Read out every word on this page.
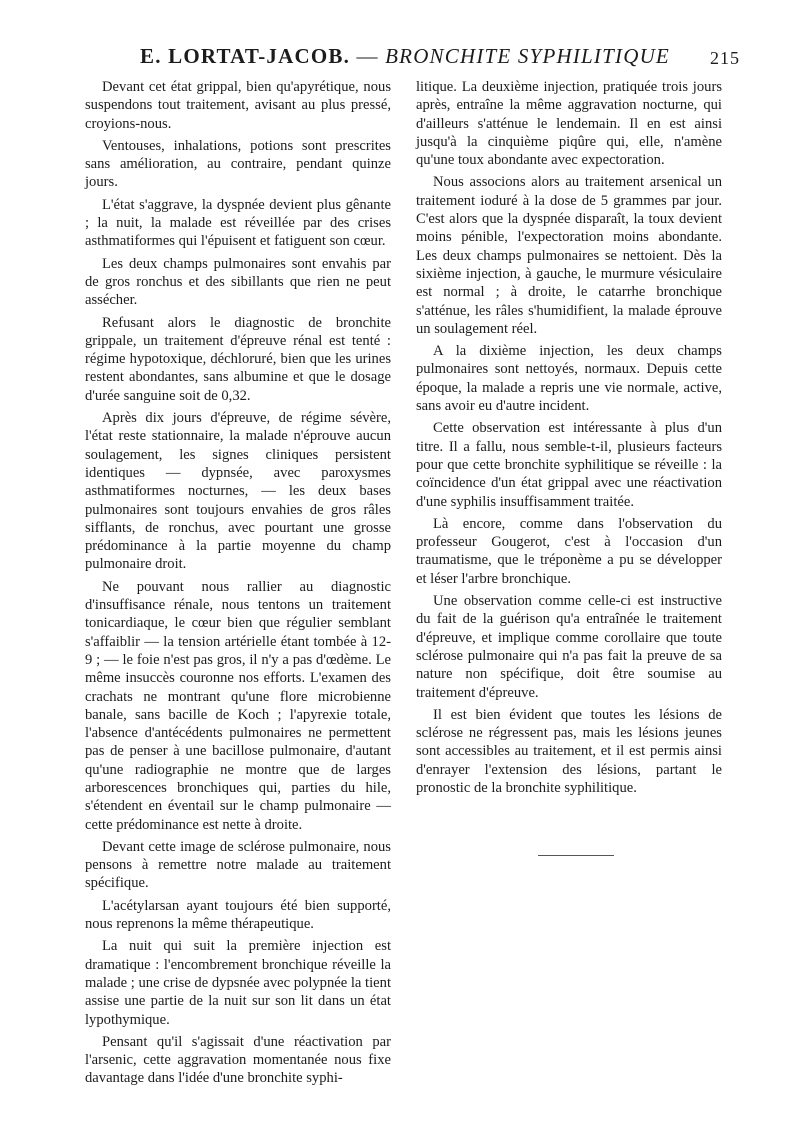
E. LORTAT-JACOB. — BRONCHITE SYPHILITIQUE 215

Devant cet état grippal, bien qu'apyrétique, nous suspendons tout traitement, avisant au plus pressé, croyions-nous.

Ventouses, inhalations, potions sont prescrites sans amélioration, au contraire, pendant quinze jours.

L'état s'aggrave, la dyspnée devient plus gênante ; la nuit, la malade est réveillée par des crises asthmatiformes qui l'épuisent et fatiguent son cœur.

Les deux champs pulmonaires sont envahis par de gros ronchus et des sibillants que rien ne peut assécher.

Refusant alors le diagnostic de bronchite grippale, un traitement d'épreuve rénal est tenté : régime hypotoxique, déchloruré, bien que les urines restent abondantes, sans albumine et que le dosage d'urée sanguine soit de 0,32.

Après dix jours d'épreuve, de régime sévère, l'état reste stationnaire, la malade n'éprouve aucun soulagement, les signes cliniques persistent identiques — dypnsée, avec paroxysmes asthmatiformes nocturnes, — les deux bases pulmonaires sont toujours envahies de gros râles sifflants, de ronchus, avec pourtant une grosse prédominance à la partie moyenne du champ pulmonaire droit.

Ne pouvant nous rallier au diagnostic d'insuffisance rénale, nous tentons un traitement tonicardiaque, le cœur bien que régulier semblant s'affaiblir — la tension artérielle étant tombée à 12-9 ; — le foie n'est pas gros, il n'y a pas d'œdème. Le même insuccès couronne nos efforts. L'examen des crachats ne montrant qu'une flore microbienne banale, sans bacille de Koch ; l'apyrexie totale, l'absence d'antécédents pulmonaires ne permettent pas de penser à une bacillose pulmonaire, d'autant qu'une radiographie ne montre que de larges arborescences bronchiques qui, parties du hile, s'étendent en éventail sur le champ pulmonaire — cette prédominance est nette à droite.

Devant cette image de sclérose pulmonaire, nous pensons à remettre notre malade au traitement spécifique.

L'acétylarsan ayant toujours été bien supporté, nous reprenons la même thérapeutique.

La nuit qui suit la première injection est dramatique : l'encombrement bronchique réveille la malade ; une crise de dypsnée avec polypnée la tient assise une partie de la nuit sur son lit dans un état lypothymique.

Pensant qu'il s'agissait d'une réactivation par l'arsenic, cette aggravation momentanée nous fixe davantage dans l'idée d'une bronchite syphi-

litique. La deuxième injection, pratiquée trois jours après, entraîne la même aggravation nocturne, qui d'ailleurs s'atténue le lendemain. Il en est ainsi jusqu'à la cinquième piqûre qui, elle, n'amène qu'une toux abondante avec expectoration.

Nous associons alors au traitement arsenical un traitement ioduré à la dose de 5 grammes par jour. C'est alors que la dyspnée disparaît, la toux devient moins pénible, l'expectoration moins abondante. Les deux champs pulmonaires se nettoient. Dès la sixième injection, à gauche, le murmure vésiculaire est normal ; à droite, le catarrhe bronchique s'atténue, les râles s'humidifient, la malade éprouve un soulagement réel.

A la dixième injection, les deux champs pulmonaires sont nettoyés, normaux. Depuis cette époque, la malade a repris une vie normale, active, sans avoir eu d'autre incident.

Cette observation est intéressante à plus d'un titre. Il a fallu, nous semble-t-il, plusieurs facteurs pour que cette bronchite syphilitique se réveille : la coïncidence d'un état grippal avec une réactivation d'une syphilis insuffisamment traitée.

Là encore, comme dans l'observation du professeur Gougerot, c'est à l'occasion d'un traumatisme, que le tréponème a pu se développer et léser l'arbre bronchique.

Une observation comme celle-ci est instructive du fait de la guérison qu'a entraînée le traitement d'épreuve, et implique comme corollaire que toute sclérose pulmonaire qui n'a pas fait la preuve de sa nature non spécifique, doit être soumise au traitement d'épreuve.

Il est bien évident que toutes les lésions de sclérose ne régressent pas, mais les lésions jeunes sont accessibles au traitement, et il est permis ainsi d'enrayer l'extension des lésions, partant le pronostic de la bronchite syphilitique.
